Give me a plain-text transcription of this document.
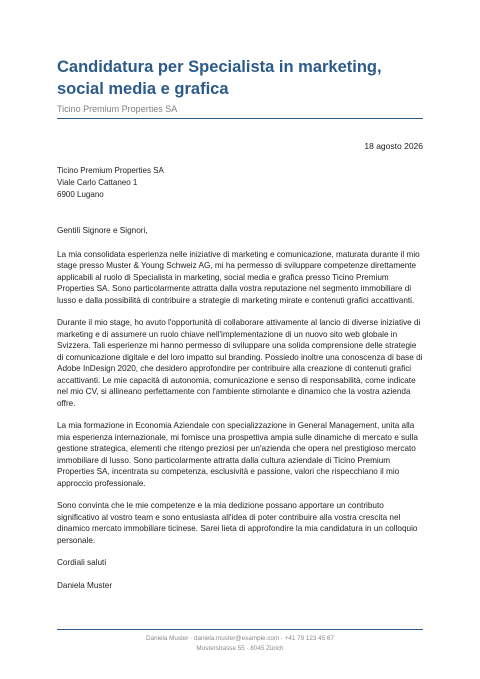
Candidatura per Specialista in marketing,
social media e grafica
Ticino Premium Properties SA
18 agosto 2026
Ticino Premium Properties SA
Viale Carlo Cattaneo 1
6900 Lugano

Gentili Signore e Signori,

La mia consolidata esperienza nelle iniziative di marketing e comunicazione, maturata durante il mio stage presso Muster & Young Schweiz AG, mi ha permesso di sviluppare competenze direttamente applicabili al ruolo di Specialista in marketing, social media e grafica presso Ticino Premium Properties SA. Sono particolarmente attratta dalla vostra reputazione nel segmento immobiliare di lusso e dalla possibilità di contribuire a strategie di marketing mirate e contenuti grafici accattivanti.

Durante il mio stage, ho avuto l'opportunità di collaborare attivamente al lancio di diverse iniziative di marketing e di assumere un ruolo chiave nell'implementazione di un nuovo sito web globale in Svizzera. Tali esperienze mi hanno permesso di sviluppare una solida comprensione delle strategie di comunicazione digitale e del loro impatto sul branding. Possiedo inoltre una conoscenza di base di Adobe InDesign 2020, che desidero approfondire per contribuire alla creazione di contenuti grafici accattivanti. Le mie capacità di autonomia, comunicazione e senso di responsabilità, come indicate nel mio CV, si allineano perfettamente con l'ambiente stimolante e dinamico che la vostra azienda offre.

La mia formazione in Economia Aziendale con specializzazione in General Management, unita alla mia esperienza internazionale, mi fornisce una prospettiva ampia sulle dinamiche di mercato e sulla gestione strategica, elementi che ritengo preziosi per un'azienda che opera nel prestigioso mercato immobiliare di lusso. Sono particolarmente attratta dalla cultura aziendale di Ticino Premium Properties SA, incentrata su competenza, esclusività e passione, valori che rispecchiano il mio approccio professionale.

Sono convinta che le mie competenze e la mia dedizione possano apportare un contributo significativo al vostro team e sono entusiasta all'idea di poter contribuire alla vostra crescita nel dinamico mercato immobiliare ticinese. Sarei lieta di approfondire la mia candidatura in un colloquio personale.

Cordiali saluti

Daniela Muster

Daniela Muster · daniela.muster@example.com · +41 79 123 45 67
Musterstrasse 55 · 8045 Zürich
